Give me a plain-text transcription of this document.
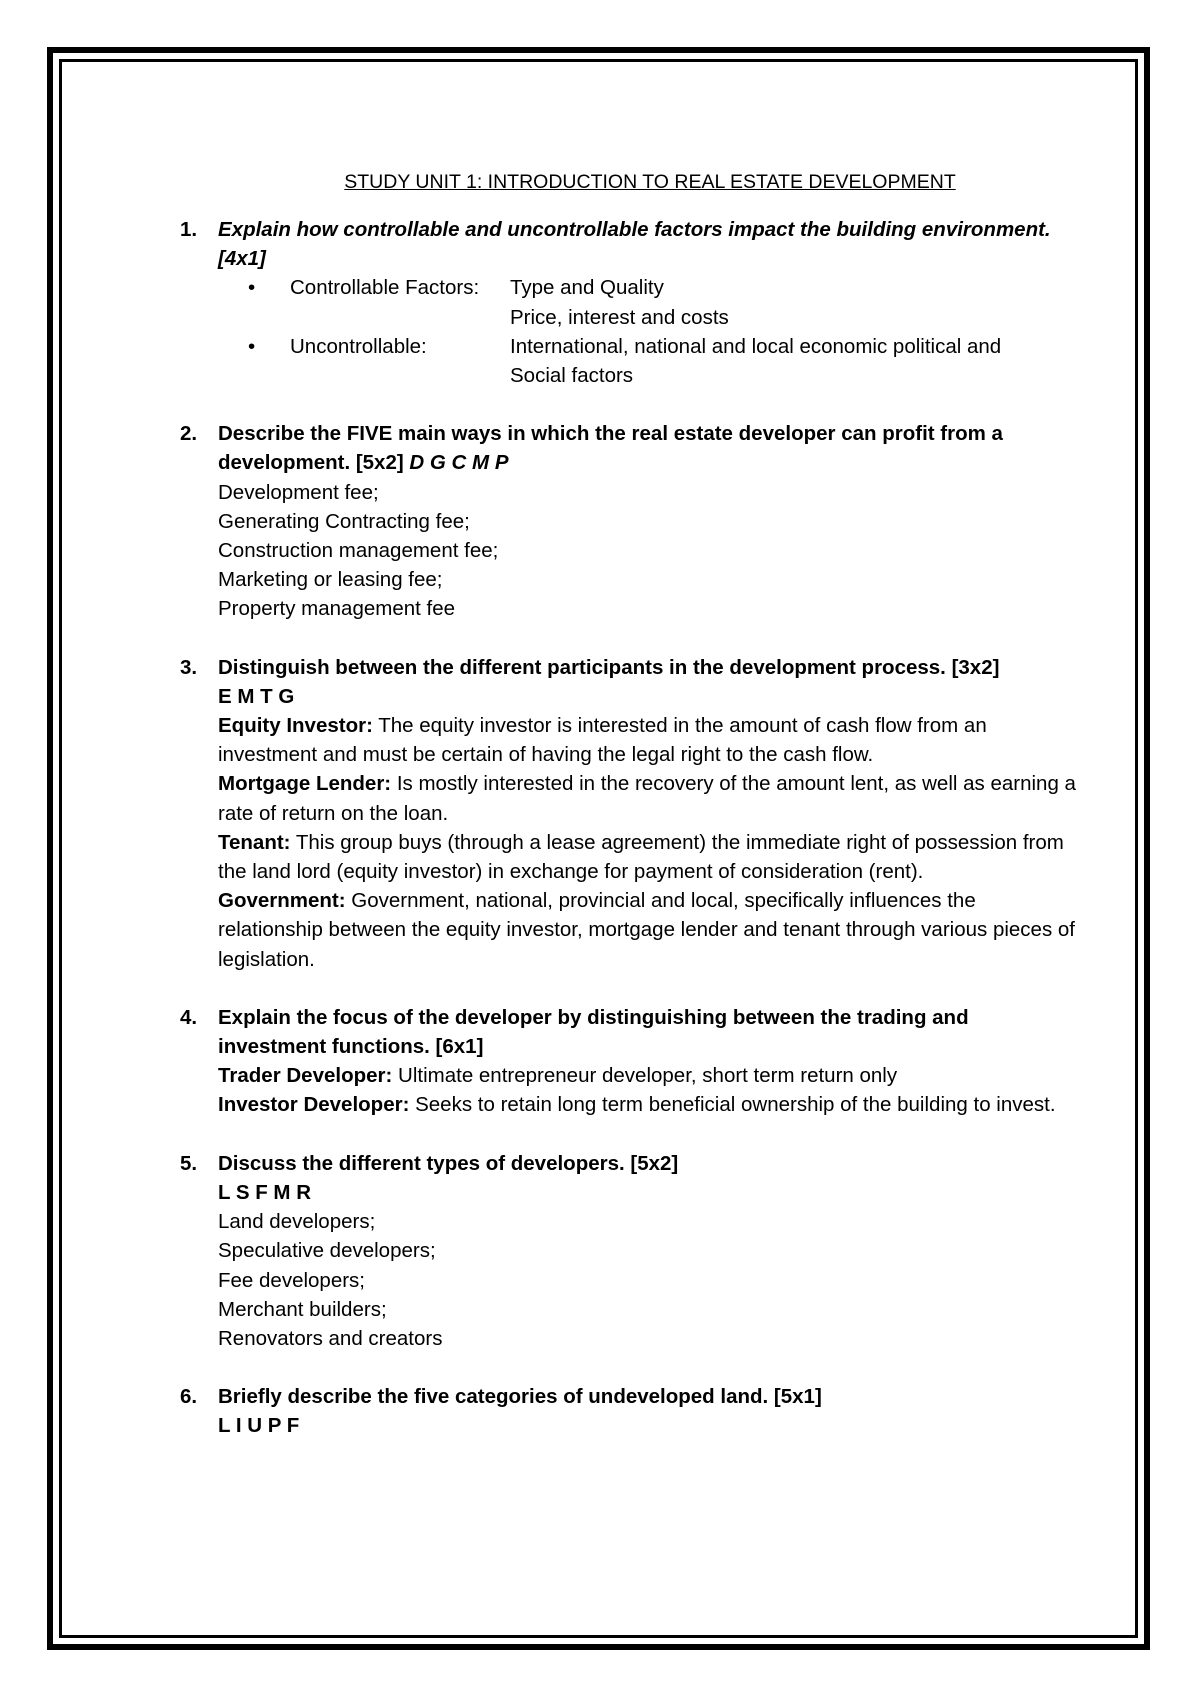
STUDY UNIT 1: INTRODUCTION TO REAL ESTATE DEVELOPMENT
1. Explain how controllable and uncontrollable factors impact the building environment. [4x1]
•	Controllable Factors:	Type and Quality
Price, interest and costs
•	Uncontrollable:	International, national and local economic political and
Social factors
2. Describe the FIVE main ways in which the real estate developer can profit from a development. [5x2] D G C M P
Development fee;
Generating Contracting fee;
Construction management fee;
Marketing or leasing fee;
Property management fee
3. Distinguish between the different participants in the development process. [3x2]
E M T G
Equity Investor: The equity investor is interested in the amount of cash flow from an investment and must be certain of having the legal right to the cash flow.
Mortgage Lender: Is mostly interested in the recovery of the amount lent, as well as earning a rate of return on the loan.
Tenant: This group buys (through a lease agreement) the immediate right of possession from the land lord (equity investor) in exchange for payment of consideration (rent).
Government: Government, national, provincial and local, specifically influences the relationship between the equity investor, mortgage lender and tenant through various pieces of legislation.
4. Explain the focus of the developer by distinguishing between the trading and investment functions. [6x1]
Trader Developer: Ultimate entrepreneur developer, short term return only
Investor Developer: Seeks to retain long term beneficial ownership of the building to invest.
5. Discuss the different types of developers. [5x2]
L S F M R
Land developers;
Speculative developers;
Fee developers;
Merchant builders;
Renovators and creators
6. Briefly describe the five categories of undeveloped land. [5x1]
L I U P F
